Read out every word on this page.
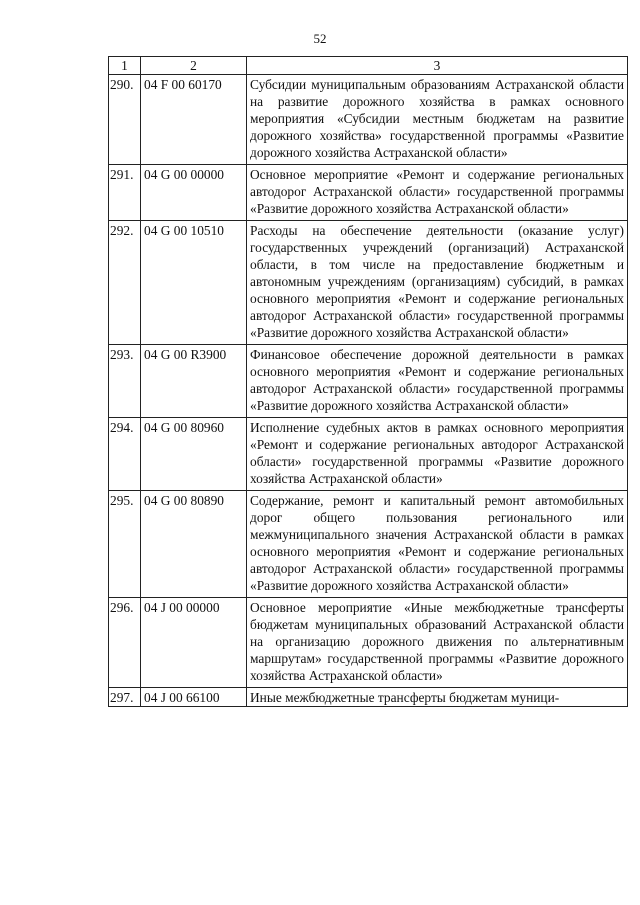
52
1	2	3
290.	04 F 00 60170	Субсидии муниципальным образованиям Астраханской области на развитие дорожного хозяйства в рамках основного мероприятия «Субсидии местным бюджетам на развитие дорожного хозяйства» государственной программы «Развитие дорожного хозяйства Астраханской области»
291.	04 G 00 00000	Основное мероприятие «Ремонт и содержание региональных автодорог Астраханской области» государственной программы «Развитие дорожного хозяйства Астраханской области»
292.	04 G 00 10510	Расходы на обеспечение деятельности (оказание услуг) государственных учреждений (организаций) Астраханской области, в том числе на предоставление бюджетным и автономным учреждениям (организациям) субсидий, в рамках основного мероприятия «Ремонт и содержание региональных автодорог Астраханской области» государственной программы «Развитие дорожного хозяйства Астраханской области»
293.	04 G 00 R3900	Финансовое обеспечение дорожной деятельности в рамках основного мероприятия «Ремонт и содержание региональных автодорог Астраханской области» государственной программы «Развитие дорожного хозяйства Астраханской области»
294.	04 G 00 80960	Исполнение судебных актов в рамках основного мероприятия «Ремонт и содержание региональных автодорог Астраханской области» государственной программы «Развитие дорожного хозяйства Астраханской области»
295.	04 G 00 80890	Содержание, ремонт и капитальный ремонт автомобильных дорог общего пользования регионального или межмуниципального значения Астраханской области в рамках основного мероприятия «Ремонт и содержание региональных автодорог Астраханской области» государственной программы «Развитие дорожного хозяйства Астраханской области»
296.	04 J 00 00000	Основное мероприятие «Иные межбюджетные трансферты бюджетам муниципальных образований Астраханской области на организацию дорожного движения по альтернативным маршрутам» государственной программы «Развитие дорожного хозяйства Астраханской области»
297.	04 J 00 66100	Иные межбюджетные трансферты бюджетам муници-
